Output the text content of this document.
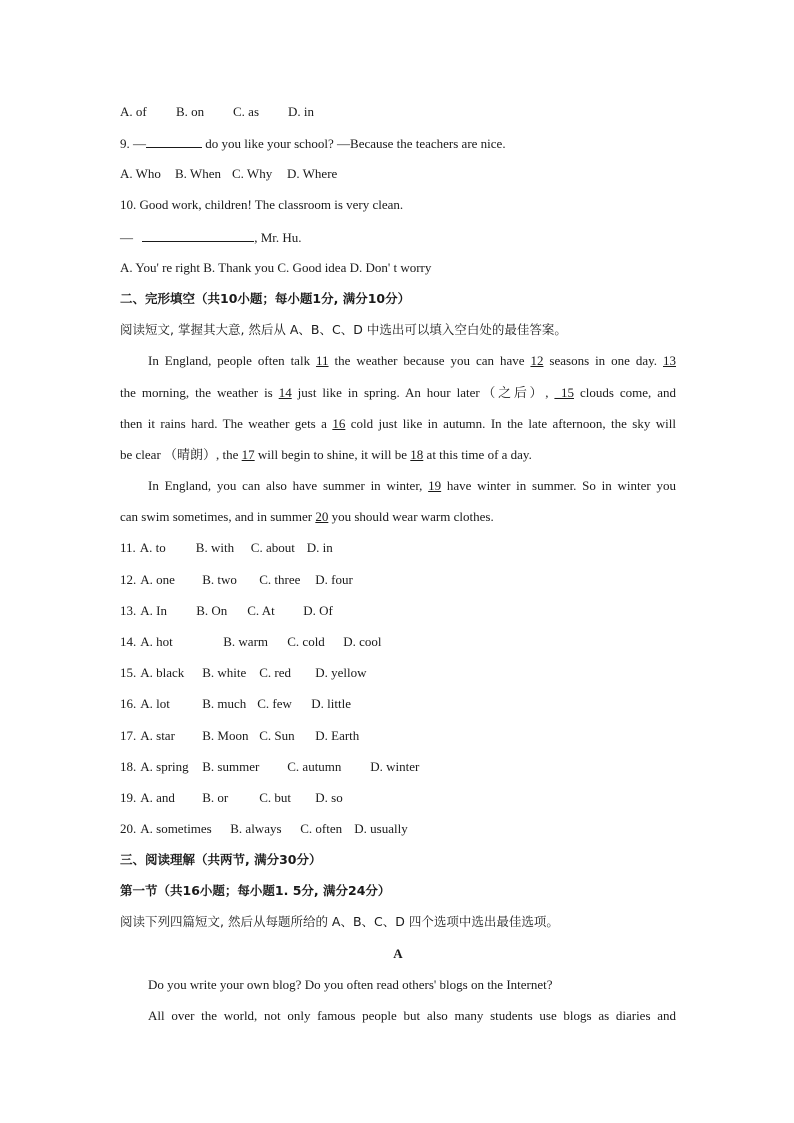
A. of B. on C. as D. in
9. —	do you like your school? —Because the teachers are nice.
A. Who B. When C. Why D. Where
10. Good work, children! The classroom is very clean.
—	, Mr. Hu.
A. You' re right B. Thank you C. Good idea D. Don' t worry
二、完形填空（共10小题；每小题1分, 满分10分）
阅读短文, 掌握其大意, 然后从 A、B、C、D 中选出可以填入空白处的最佳答案。
In England, people often talk 11 the weather because you can have 12 seasons in one day. 13
the morning, the weather is 14 just like in spring. An hour later（之后）, _15 clouds come, and
then it rains hard. The weather gets a 16 cold just like in autumn. In the late afternoon, the sky will
be clear （晴朗）, the 17 will begin to shine, it will be 18 at this time of a day.
In England, you can also have summer in winter, 19 have winter in summer. So in winter you
can swim sometimes, and in summer 20 you should wear warm clothes.
11. A. to B. with C. about D. in
12. A. one B. two C. three D. four
13. A. In B. On C. At D. Of
14. A. hot	B. warm C. cold D. cool
15. A. black B. white C. red D. yellow
16. A. lot B. much C. few D. little
17. A. star B. Moon C. Sun D. Earth
18. A. spring B. summer C. autumn D. winter
19. A. and B. or C. but D. so
20. A. sometimes B. always C. often D. usually
三、阅读理解（共两节, 满分30分）
第一节（共16小题；每小题1. 5分, 满分24分）
阅读下列四篇短文, 然后从每题所给的 A、B、C、D 四个选项中选出最佳选项。
A
Do you write your own blog? Do you often read others' blogs on the Internet?
All over the world, not only famous people but also many students use blogs as diaries and
